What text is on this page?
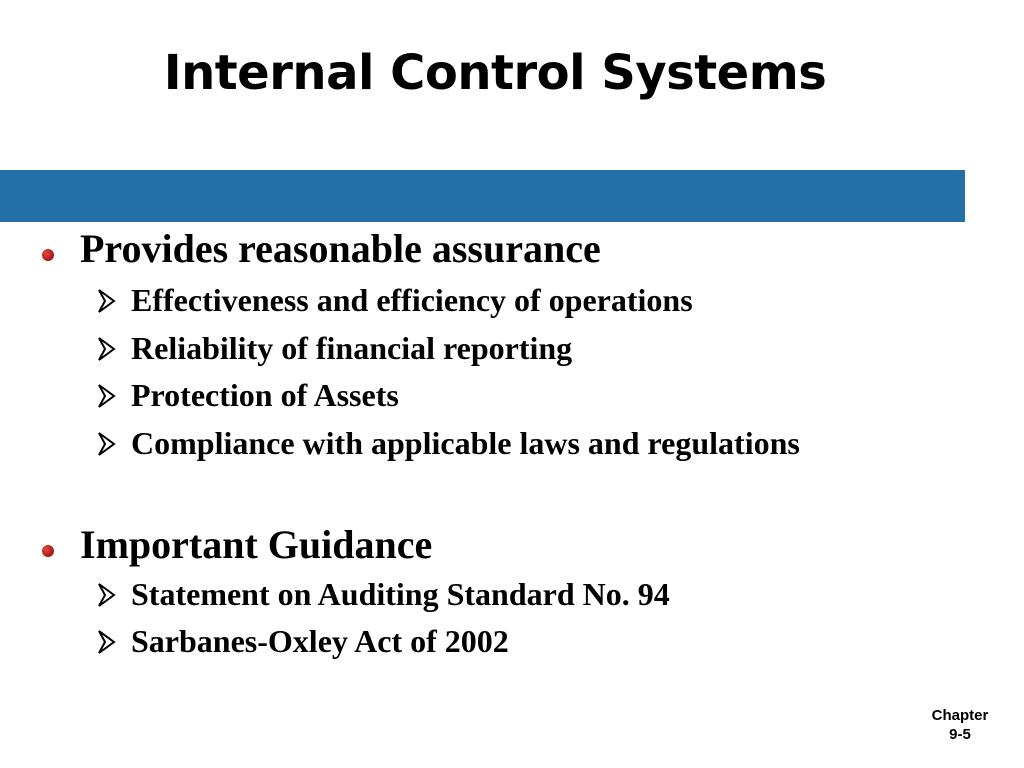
Internal Control Systems
Provides reasonable assurance
Effectiveness and efficiency of operations
Reliability of financial reporting
Protection of Assets
Compliance with applicable laws and regulations
Important Guidance
Statement on Auditing Standard No. 94
Sarbanes-Oxley Act of 2002
Chapter
9-5
